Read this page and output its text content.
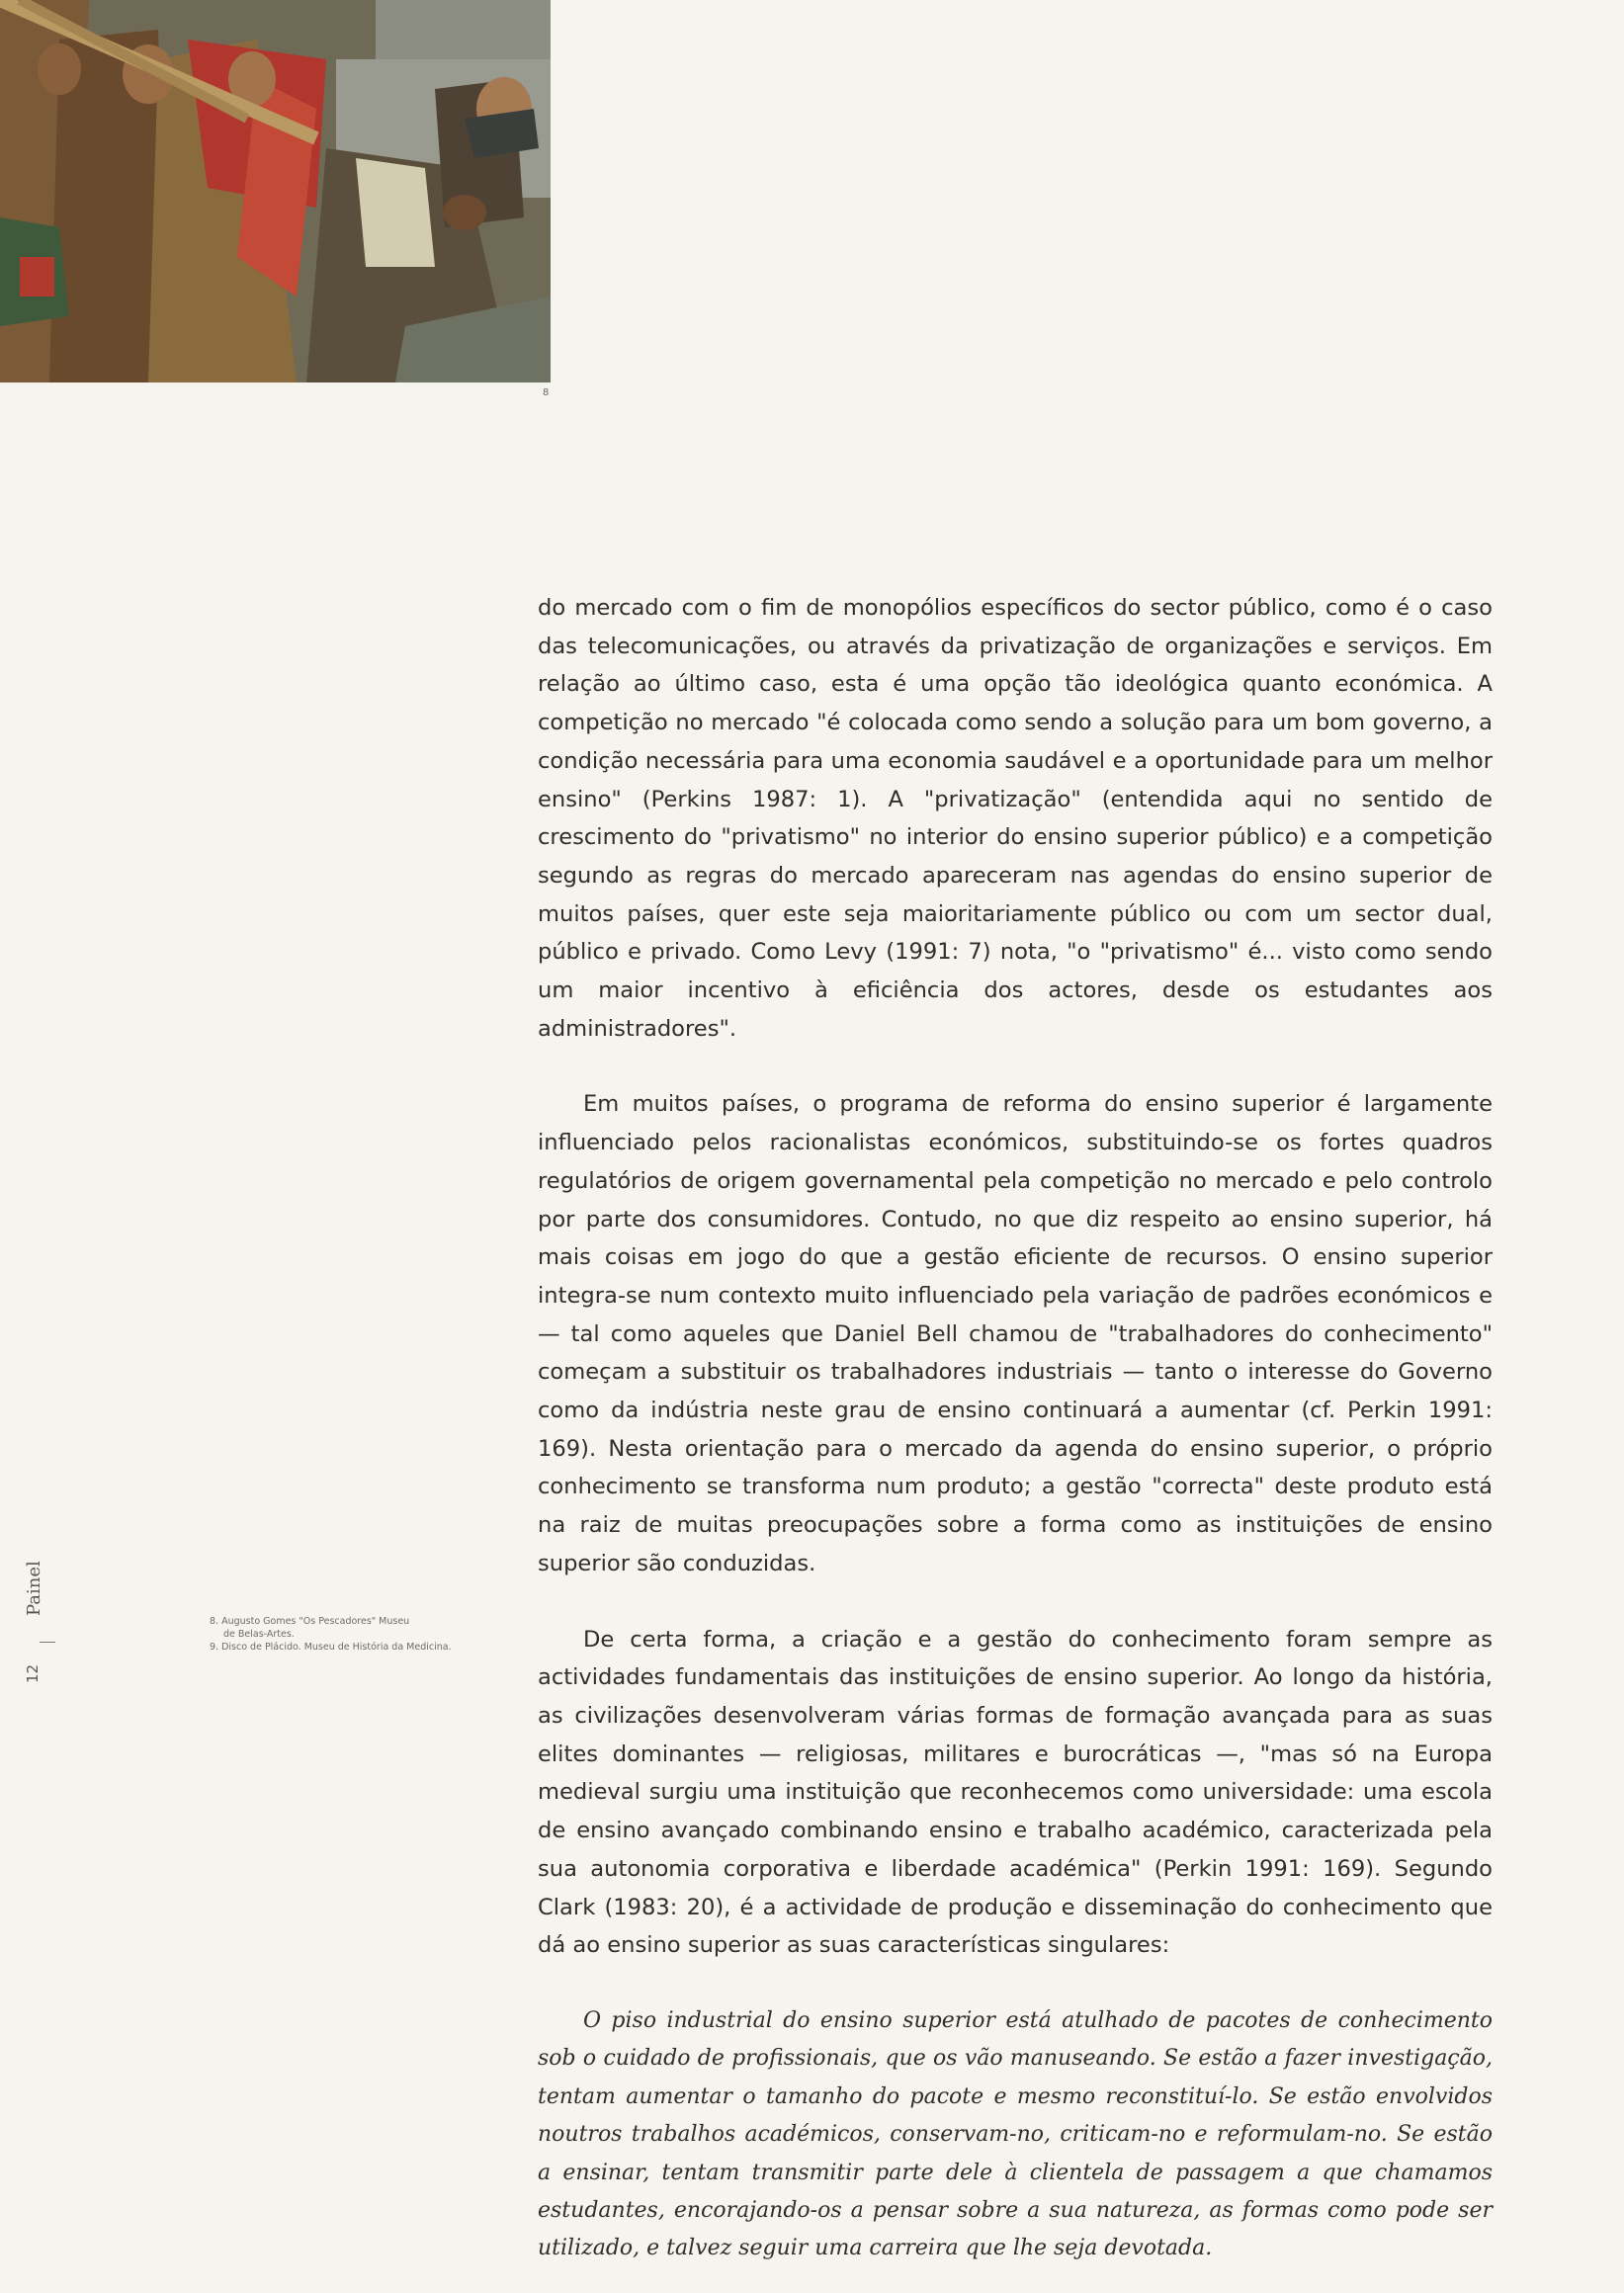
8

do mercado com o fim de monopólios específicos do sector público, como é o caso das telecomunicações, ou através da privatização de organizações e serviços. Em relação ao último caso, esta é uma opção tão ideológica quanto económica. A competição no mercado "é colocada como sendo a solução para um bom governo, a condição necessária para uma economia saudável e a oportunidade para um melhor ensino" (Perkins 1987: 1). A "privatização" (entendida aqui no sentido de crescimento do "privatismo" no interior do ensino superior público) e a competição segundo as regras do mercado apareceram nas agendas do ensino superior de muitos países, quer este seja maioritariamente público ou com um sector dual, público e privado. Como Levy (1991: 7) nota, "o "privatismo" é... visto como sendo um maior incentivo à eficiência dos actores, desde os estudantes aos administradores".

Em muitos países, o programa de reforma do ensino superior é largamente influenciado pelos racionalistas económicos, substituindo-se os fortes quadros regulatórios de origem governamental pela competição no mercado e pelo controlo por parte dos consumidores. Contudo, no que diz respeito ao ensino superior, há mais coisas em jogo do que a gestão eficiente de recursos. O ensino superior integra-se num contexto muito influenciado pela variação de padrões económicos e — tal como aqueles que Daniel Bell chamou de "trabalhadores do conhecimento" começam a substituir os trabalhadores industriais — tanto o interesse do Governo como da indústria neste grau de ensino continuará a aumentar (cf. Perkin 1991: 169). Nesta orientação para o mercado da agenda do ensino superior, o próprio conhecimento se transforma num produto; a gestão "correcta" deste produto está na raiz de muitas preocupações sobre a forma como as instituições de ensino superior são conduzidas.

De certa forma, a criação e a gestão do conhecimento foram sempre as actividades fundamentais das instituições de ensino superior. Ao longo da história, as civilizações desenvolveram várias formas de formação avançada para as suas elites dominantes — religiosas, militares e burocráticas —, "mas só na Europa medieval surgiu uma instituição que reconhecemos como universidade: uma escola de ensino avançado combinando ensino e trabalho académico, caracterizada pela sua autonomia corporativa e liberdade académica" (Perkin 1991: 169). Segundo Clark (1983: 20), é a actividade de produção e disseminação do conhecimento que dá ao ensino superior as suas características singulares:

O piso industrial do ensino superior está atulhado de pacotes de conhecimento sob o cuidado de profissionais, que os vão manuseando. Se estão a fazer investigação, tentam aumentar o tamanho do pacote e mesmo reconstituí-lo. Se estão envolvidos noutros trabalhos académicos, conservam-no, criticam-no e reformulam-no. Se estão a ensinar, tentam transmitir parte dele à clientela de passagem a que chamamos estudantes, encorajando-os a pensar sobre a sua natureza, as formas como pode ser utilizado, e talvez seguir uma carreira que lhe seja devotada.

8. Augusto Gomes "Os Pescadores" Museu
de Belas-Artes.
9. Disco de Plácido. Museu de História da Medicina.
Painel
12
